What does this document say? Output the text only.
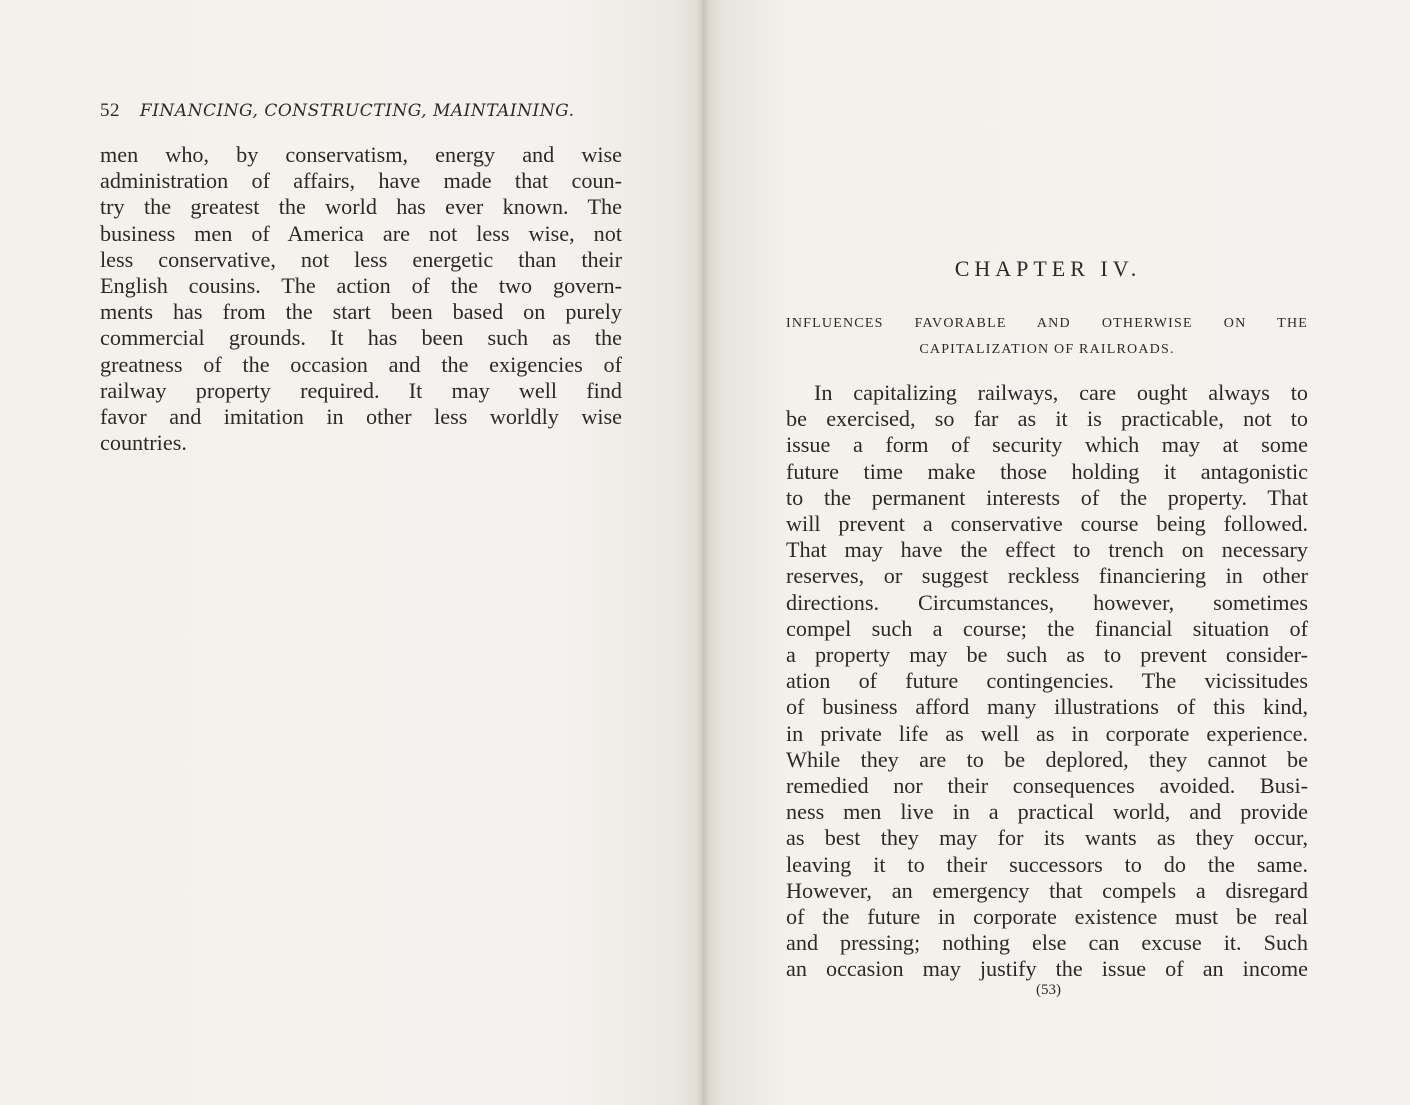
52 FINANCING, CONSTRUCTING, MAINTAINING.
men who, by conservatism, energy and wise
administration of affairs, have made that coun-
try the greatest the world has ever known. The
business men of America are not less wise, not
less conservative, not less energetic than their
English cousins. The action of the two govern-
ments has from the start been based on purely
commercial grounds. It has been such as the
greatness of the occasion and the exigencies of
railway property required. It may well find
favor and imitation in other less worldly wise
countries.
CHAPTER IV.
INFLUENCES FAVORABLE AND OTHERWISE ON THE
CAPITALIZATION OF RAILROADS.
In capitalizing railways, care ought always to
be exercised, so far as it is practicable, not to
issue a form of security which may at some
future time make those holding it antagonistic
to the permanent interests of the property. That
will prevent a conservative course being followed.
That may have the effect to trench on necessary
reserves, or suggest reckless financiering in other
directions. Circumstances, however, sometimes
compel such a course; the financial situation of
a property may be such as to prevent consider-
ation of future contingencies. The vicissitudes
of business afford many illustrations of this kind,
in private life as well as in corporate experience.
While they are to be deplored, they cannot be
remedied nor their consequences avoided. Busi-
ness men live in a practical world, and provide
as best they may for its wants as they occur,
leaving it to their successors to do the same.
However, an emergency that compels a disregard
of the future in corporate existence must be real
and pressing; nothing else can excuse it. Such
an occasion may justify the issue of an income
(53)
